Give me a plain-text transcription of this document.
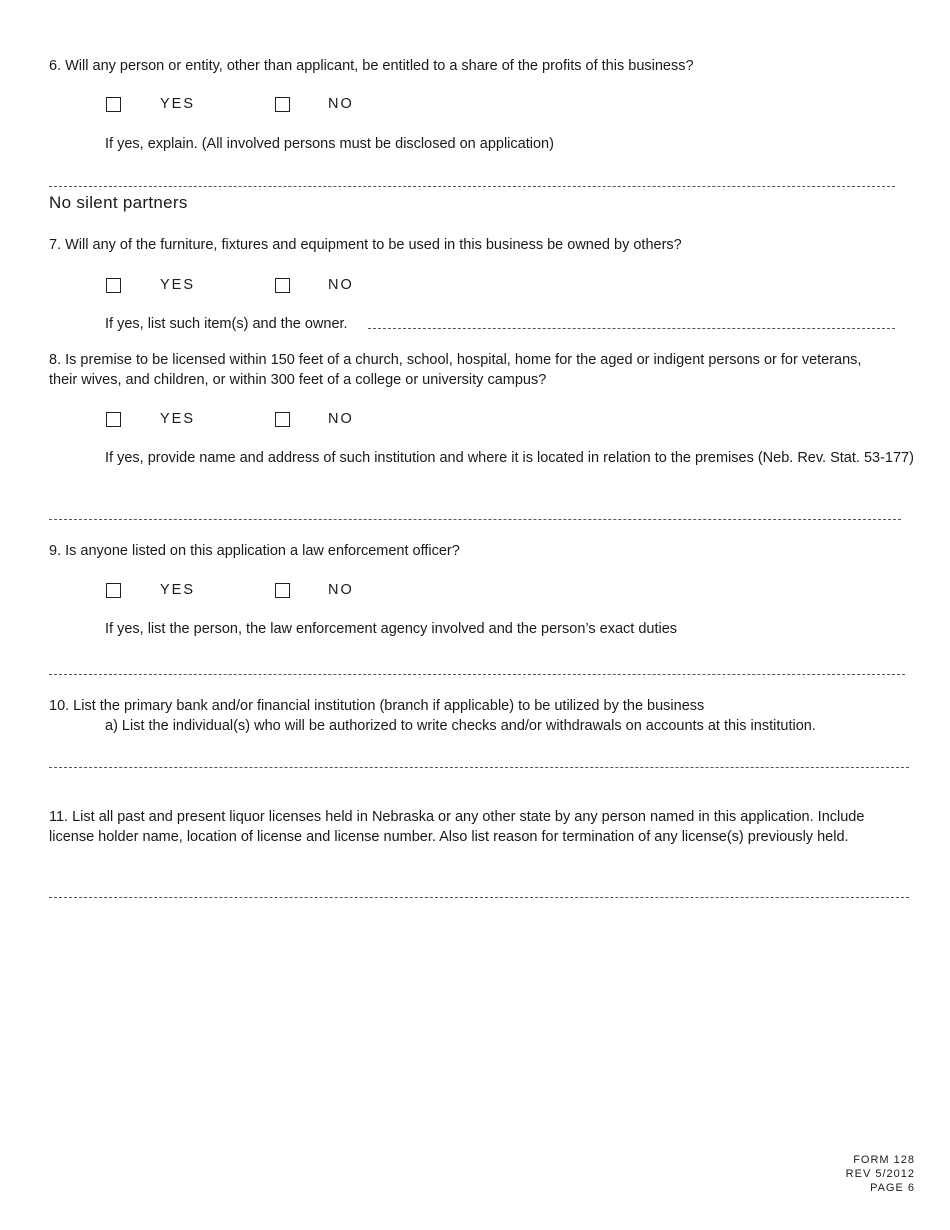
6. Will any person or entity, other than applicant, be entitled to a share of the profits of this business?
YES	NO
If yes, explain. (All involved persons must be disclosed on application)
No silent partners
7. Will any of the furniture, fixtures and equipment to be used in this business be owned by others?
YES	NO
If yes, list such item(s) and the owner.
8. Is premise to be licensed within 150 feet of a church, school, hospital, home for the aged or indigent persons or for veterans, their wives, and children, or within 300 feet of a college or university campus?
YES	NO
If yes, provide name and address of such institution and where it is located in relation to the premises (Neb. Rev. Stat. 53-177)
9. Is anyone listed on this application a law enforcement officer?
YES	NO
If yes, list the person, the law enforcement agency involved and the person’s exact duties
10. List the primary bank and/or financial institution (branch if applicable) to be utilized by the business
a) List the individual(s) who will be authorized to write checks and/or withdrawals on accounts at this institution.
11. List all past and present liquor licenses held in Nebraska or any other state by any person named in this application. Include license holder name, location of license and license number. Also list reason for termination of any license(s) previously held.
FORM 128
REV 5/2012
PAGE 6
